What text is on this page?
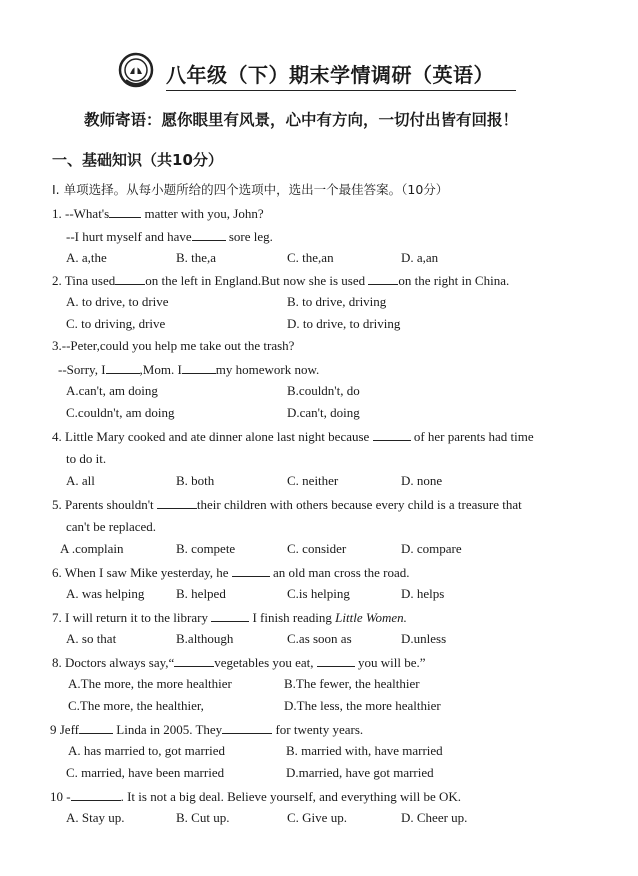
八年级（下）期末学情调研（英语）
教师寄语：愿你眼里有风景，心中有方向，一切付出皆有回报！
一、基础知识（共10分）
I. 单项选择。从每小题所给的四个选项中，选出一个最佳答案。（10分）
1. --What's	matter with you, John?
--I hurt myself and have	sore leg.
A. a,the	B. the,a	C. the,an	D. a,an
2. Tina used on the left in England.But now she is used	on the right in China.
A. to drive, to drive	B. to drive, driving
C. to driving, drive	D. to drive, to driving
3.--Peter,could you help me take out the trash?
--Sorry, I	,Mom. I	my homework now.
A.can't, am doing	B.couldn't, do
C.couldn't, am doing	D.can't, doing
4. Little Mary cooked and ate dinner alone last night because	of her parents had time
to do it.
A. all	B. both	C. neither	D. none
5. Parents shouldn't	their children with others because every child is a treasure that
can't be replaced.
A .complain	B. compete	C. consider	D. compare
6. When I saw Mike yesterday, he	an old man cross the road.
A. was helping B. helped	C.is helping	D. helps
7. I will return it to the library	I finish reading Little Women.
A. so that	B.although	C.as soon as	D.unless
8. Doctors always say,“	vegetables you eat,	you will be.”
A.The more, the more healthier	B.The fewer, the healthier
C.The more, the healthier,	D.The less, the more healthier
9 Jeff	Linda in 2005. They	for twenty years.
A. has married to, got married	B. married with, have married
C. married, have been married	D.married, have got married
10 -	. It is not a big deal. Believe yourself, and everything will be OK.
A. Stay up.	B. Cut up.	C. Give up.	D. Cheer up.
